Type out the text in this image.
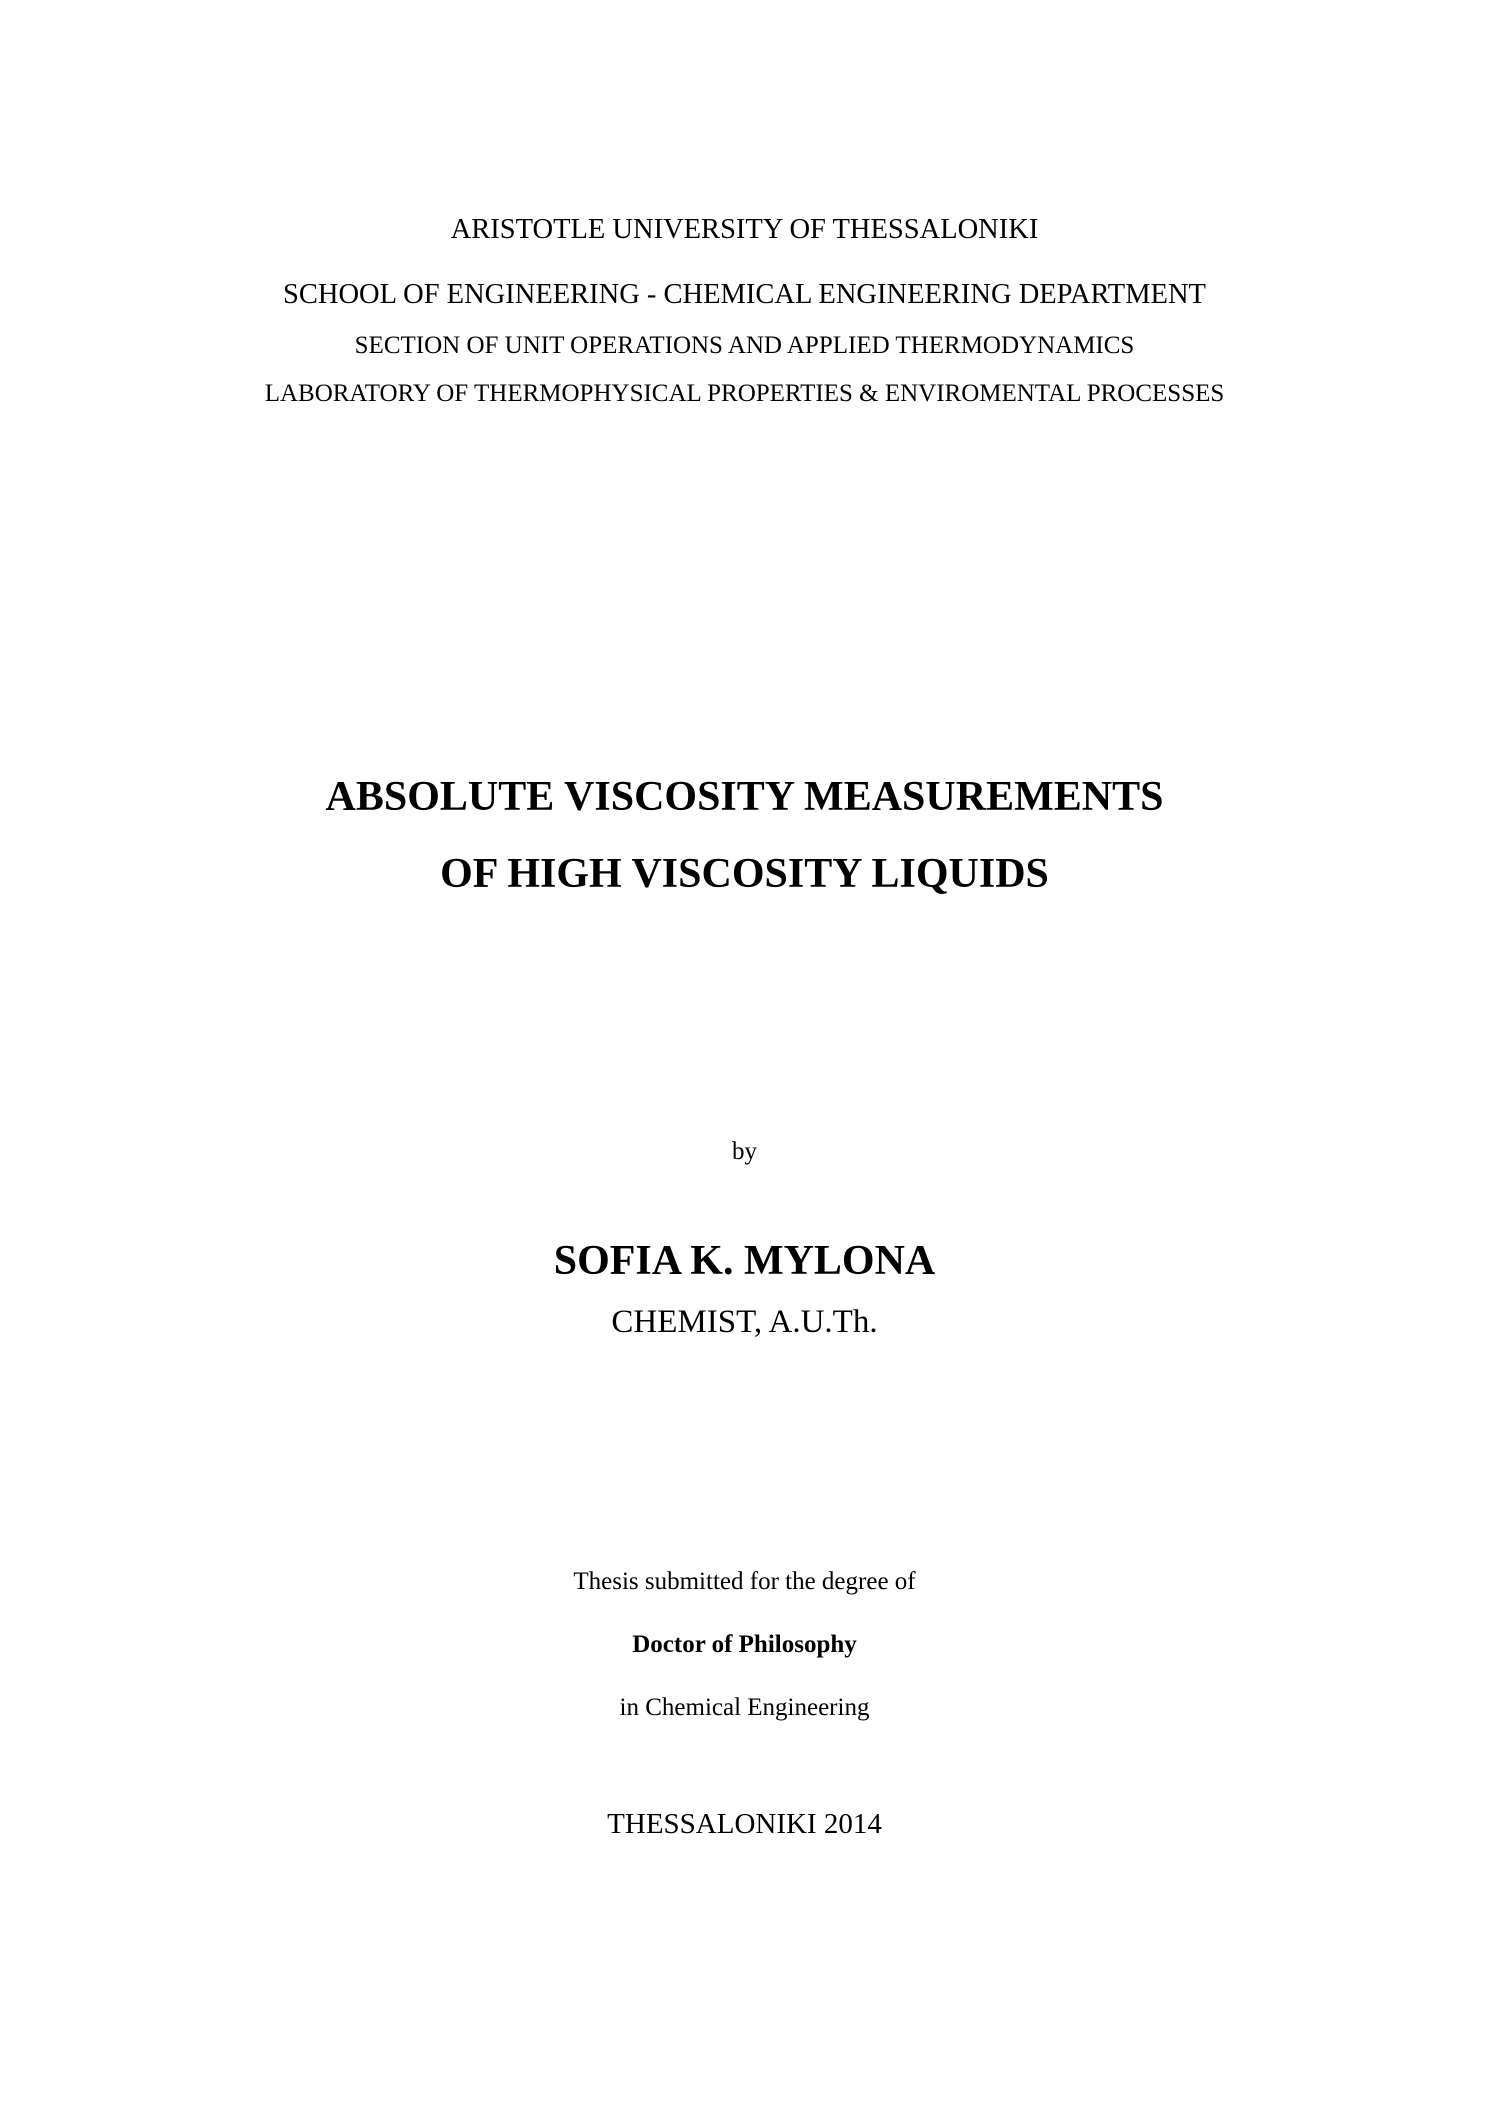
ARISTOTLE UNIVERSITY OF THESSALONIKI
SCHOOL OF ENGINEERING - CHEMICAL ENGINEERING DEPARTMENT
SECTION OF UNIT OPERATIONS AND APPLIED THERMODYNAMICS
LABORATORY OF THERMOPHYSICAL PROPERTIES & ENVIROMENTAL PROCESSES
ABSOLUTE VISCOSITY MEASUREMENTS
OF HIGH VISCOSITY LIQUIDS
by
SOFIA K. MYLONA
CHEMIST, A.U.Th.
Thesis submitted for the degree of
Doctor of Philosophy
in Chemical Engineering
THESSALONIKI 2014
